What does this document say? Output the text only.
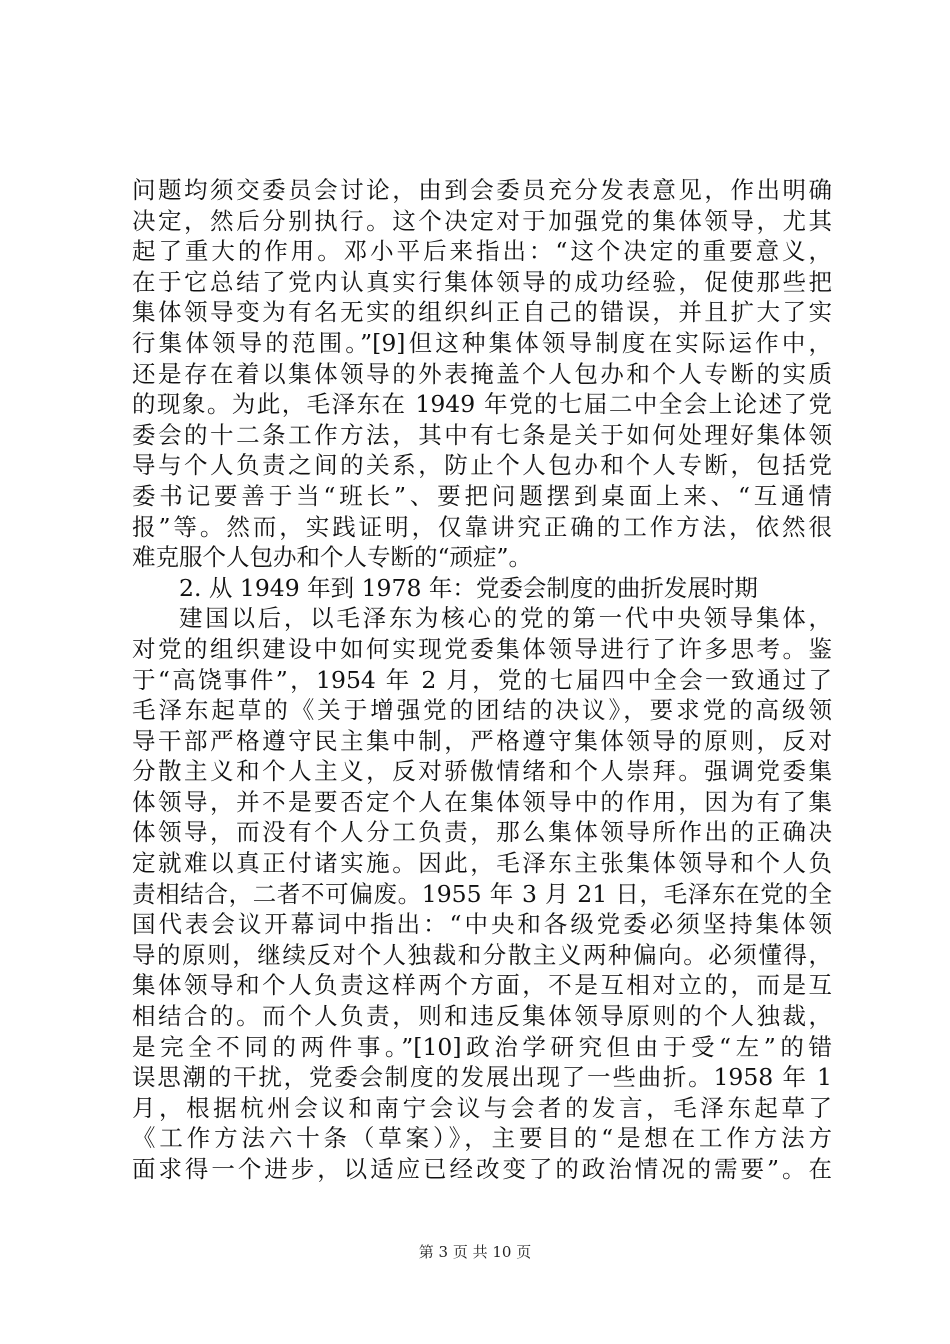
问题均须交委员会讨论，由到会委员充分发表意见，作出明确
决定，然后分别执行。这个决定对于加强党的集体领导，尤其
起了重大的作用。邓小平后来指出：“这个决定的重要意义，
在于它总结了党内认真实行集体领导的成功经验，促使那些把
集体领导变为有名无实的组织纠正自己的错误，并且扩大了实
行集体领导的范围。”[9]但这种集体领导制度在实际运作中，
还是存在着以集体领导的外表掩盖个人包办和个人专断的实质
的现象。为此，毛泽东在 1949 年党的七届二中全会上论述了党
委会的十二条工作方法，其中有七条是关于如何处理好集体领
导与个人负责之间的关系，防止个人包办和个人专断，包括党
委书记要善于当“班长”、要把问题摆到桌面上来、“互通情
报”等。然而，实践证明，仅靠讲究正确的工作方法，依然很
难克服个人包办和个人专断的“顽症”。
2. 从 1949 年到 1978 年：党委会制度的曲折发展时期
建国以后，以毛泽东为核心的党的第一代中央领导集体，
对党的组织建设中如何实现党委集体领导进行了许多思考。鉴
于“高饶事件”，1954 年 2 月，党的七届四中全会一致通过了
毛泽东起草的《关于增强党的团结的决议》，要求党的高级领
导干部严格遵守民主集中制，严格遵守集体领导的原则，反对
分散主义和个人主义，反对骄傲情绪和个人崇拜。强调党委集
体领导，并不是要否定个人在集体领导中的作用，因为有了集
体领导，而没有个人分工负责，那么集体领导所作出的正确决
定就难以真正付诸实施。因此，毛泽东主张集体领导和个人负
责相结合，二者不可偏废。1955 年 3 月 21 日，毛泽东在党的全
国代表会议开幕词中指出：“中央和各级党委必须坚持集体领
导的原则，继续反对个人独裁和分散主义两种偏向。必须懂得，
集体领导和个人负责这样两个方面，不是互相对立的，而是互
相结合的。而个人负责，则和违反集体领导原则的个人独裁，
是完全不同的两件事。”[10]政治学研究但由于受“左”的错
误思潮的干扰，党委会制度的发展出现了一些曲折。1958 年 1
月，根据杭州会议和南宁会议与会者的发言，毛泽东起草了
《工作方法六十条（草案）》，主要目的“是想在工作方法方
面求得一个进步，以适应已经改变了的政治情况的需要”。在
第 3 页 共 10 页
